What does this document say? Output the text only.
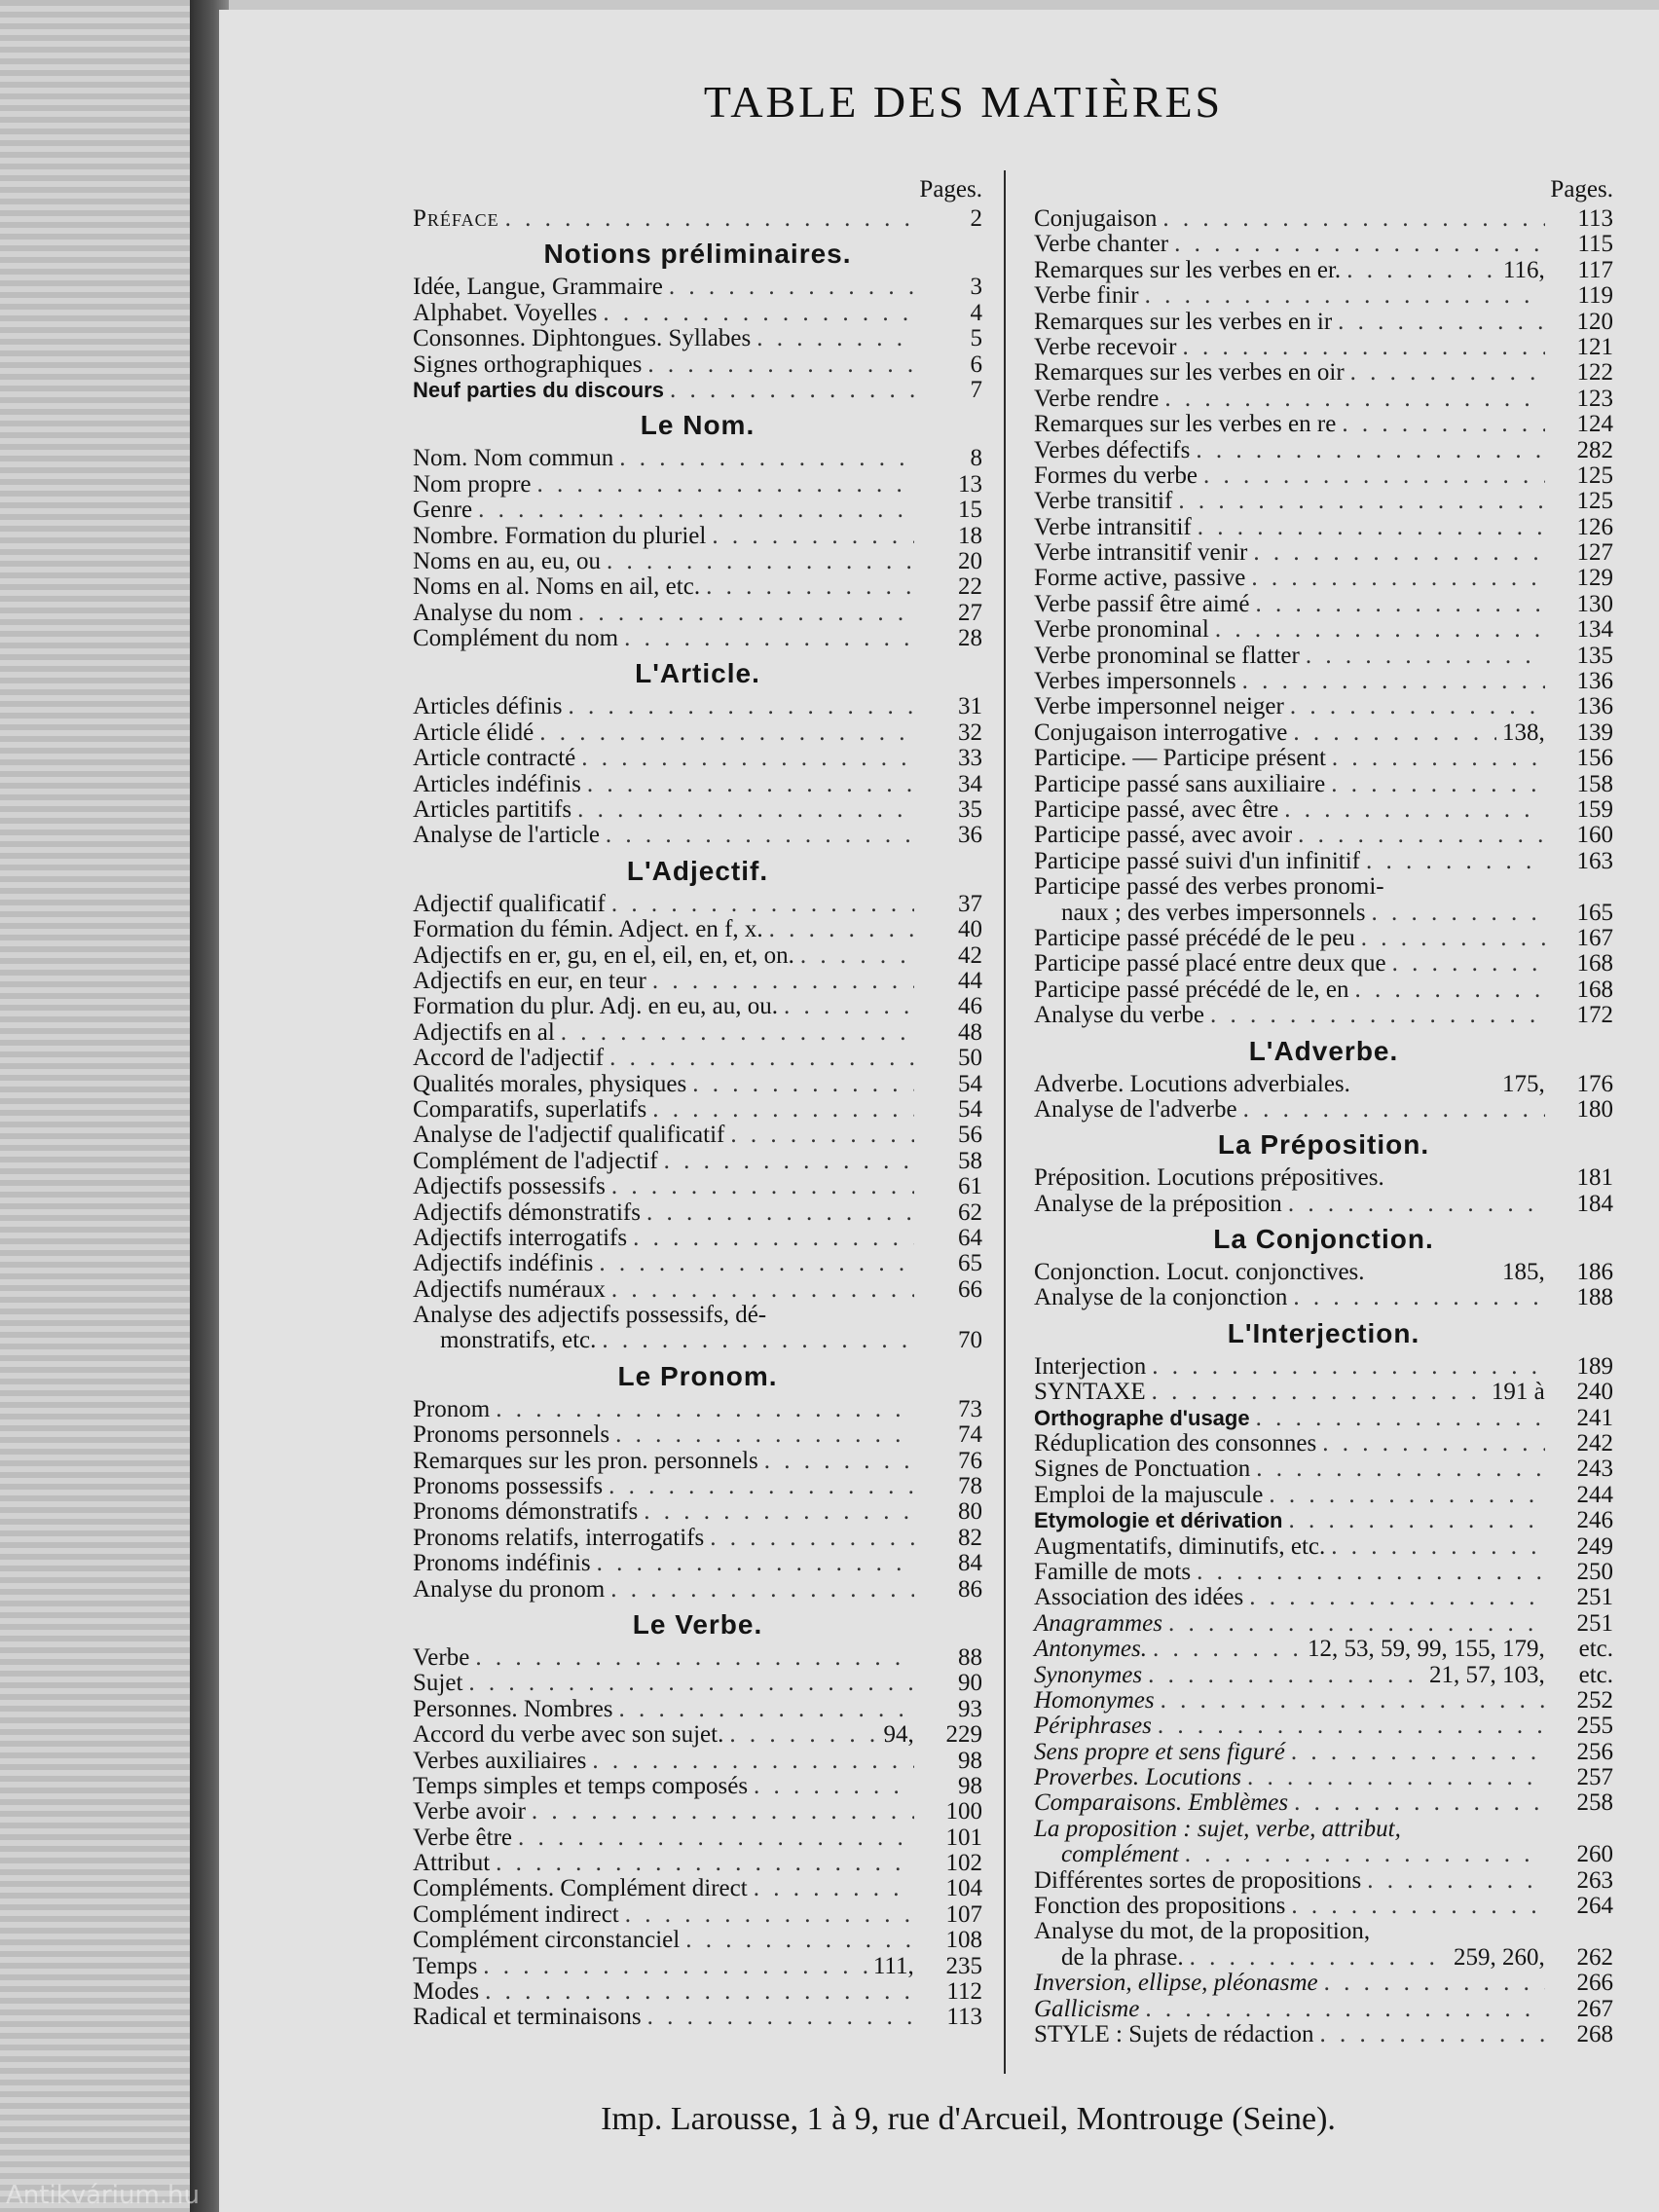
TABLE DES MATIÈRES
Pages.
Préface . . .	2
Notions préliminaires.
Idée, Langue, Grammaire . . .	3
Alphabet. Voyelles . . .	4
Consonnes. Diphtongues. Syllabes . . .	5
Signes orthographiques . . .	6
Neuf parties du discours . . .	7
Le Nom.
Nom. Nom commun . . .	8
Nom propre . . .	13
Genre . . .	15
Nombre. Formation du pluriel . . .	18
Noms en au, eu, ou . . .	20
Noms en al. Noms en ail, etc. . . .	22
Analyse du nom . . .	27
Complément du nom . . .	28
L'Article.
Articles définis . . .	31
Article élidé . . .	32
Article contracté . . .	33
Articles indéfinis . . .	34
Articles partitifs . . .	35
Analyse de l'article . . .	36
L'Adjectif.
Adjectif qualificatif . . .	37
Formation du fémin. Adject. en f, x. . . .	40
Adjectifs en er, gu, en el, eil, en, et, on. . . .	42
Adjectifs en eur, en teur . . .	44
Formation du plur. Adj. en eu, au, ou. . . .	46
Adjectifs en al . . .	48
Accord de l'adjectif . . .	50
Qualités morales, physiques . . .	54
Comparatifs, superlatifs . . .	54
Analyse de l'adjectif qualificatif . . .	56
Complément de l'adjectif . . .	58
Adjectifs possessifs . . .	61
Adjectifs démonstratifs . . .	62
Adjectifs interrogatifs . . .	64
Adjectifs indéfinis . . .	65
Adjectifs numéraux . . .	66
Analyse des adjectifs possessifs, dé-
monstratifs, etc. . . .	70
Le Pronom.
Pronom . . .	73
Pronoms personnels . . .	74
Remarques sur les pron. personnels . . .	76
Pronoms possessifs . . .	78
Pronoms démonstratifs . . .	80
Pronoms relatifs, interrogatifs . . .	82
Pronoms indéfinis . . .	84
Analyse du pronom . . .	86
Le Verbe.
Verbe . . .	88
Sujet . . .	90
Personnes. Nombres . . .	93
Accord du verbe avec son sujet. . . .	94, 229
Verbes auxiliaires . . .	98
Temps simples et temps composés . . .	98
Verbe avoir . . .	100
Verbe être . . .	101
Attribut . . .	102
Compléments. Complément direct . . .	104
Complément indirect . . .	107
Complément circonstanciel . . .	108
Temps . . .	111, 235
Modes . . .	112
Radical et terminaisons . . .	113
Pages.
Conjugaison . . .	113
Verbe chanter . . .	115
Remarques sur les verbes en er. . . .	116, 117
Verbe finir . . .	119
Remarques sur les verbes en ir . . .	120
Verbe recevoir . . .	121
Remarques sur les verbes en oir . . .	122
Verbe rendre . . .	123
Remarques sur les verbes en re . . .	124
Verbes défectifs . . .	282
Formes du verbe . . .	125
Verbe transitif . . .	125
Verbe intransitif . . .	126
Verbe intransitif venir . . .	127
Forme active, passive . . .	129
Verbe passif être aimé . . .	130
Verbe pronominal . . .	134
Verbe pronominal se flatter . . .	135
Verbes impersonnels . . .	136
Verbe impersonnel neiger . . .	136
Conjugaison interrogative . . .	138, 139
Participe. — Participe présent . . .	156
Participe passé sans auxiliaire . . .	158
Participe passé, avec être . . .	159
Participe passé, avec avoir . . .	160
Participe passé suivi d'un infinitif . . .	163
Participe passé des verbes pronomi-
naux ; des verbes impersonnels . . .	165
Participe passé précédé de le peu . . .	167
Participe passé placé entre deux que . . .	168
Participe passé précédé de le, en . . .	168
Analyse du verbe . . .	172
L'Adverbe.
Adverbe. Locutions adverbiales.	175, 176
Analyse de l'adverbe . . .	180
La Préposition.
Préposition. Locutions prépositives.	181
Analyse de la préposition . . .	184
La Conjonction.
Conjonction. Locut. conjonctives.	185, 186
Analyse de la conjonction . . .	188
L'Interjection.
Interjection . . .	189
SYNTAXE . . .	191 à 240
Orthographe d'usage . . .	241
Réduplication des consonnes . . .	242
Signes de Ponctuation . . .	243
Emploi de la majuscule . . .	244
Etymologie et dérivation . . .	246
Augmentatifs, diminutifs, etc. . . .	249
Famille de mots . . .	250
Association des idées . . .	251
Anagrammes . . .	251
Antonymes. . . .	12, 53, 59, 99, 155, 179, etc.
Synonymes . . .	21, 57, 103, etc.
Homonymes . . .	252
Périphrases . . .	255
Sens propre et sens figuré . . .	256
Proverbes. Locutions . . .	257
Comparaisons. Emblèmes . . .	258
La proposition : sujet, verbe, attribut,
complément . . .	260
Différentes sortes de propositions . . .	263
Fonction des propositions . . .	264
Analyse du mot, de la proposition,
de la phrase. . . .	259, 260, 262
Inversion, ellipse, pléonasme . . .	266
Gallicisme . . .	267
STYLE : Sujets de rédaction . . .	268
Imp. Larousse, 1 à 9, rue d'Arcueil, Montrouge (Seine).
Antikvárium.hu
